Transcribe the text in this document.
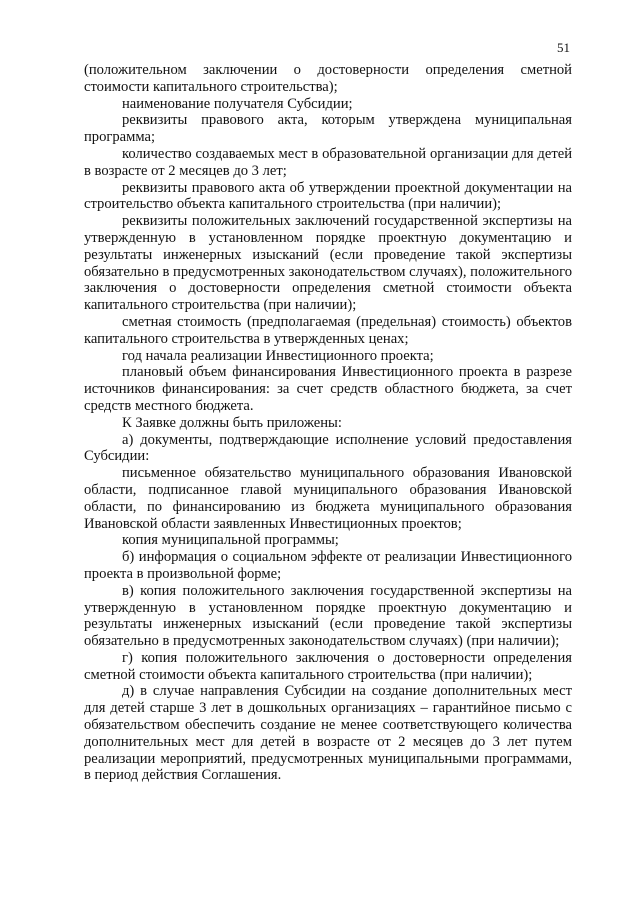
51

(положительном заключении о достоверности определения сметной стоимости капитального строительства);

наименование получателя Субсидии;

реквизиты правового акта, которым утверждена муниципальная программа;

количество создаваемых мест в образовательной организации для детей в возрасте от 2 месяцев до 3 лет;

реквизиты правового акта об утверждении проектной документации на строительство объекта капитального строительства (при наличии);

реквизиты положительных заключений государственной экспертизы на утвержденную в установленном порядке проектную документацию и результаты инженерных изысканий (если проведение такой экспертизы обязательно в предусмотренных законодательством случаях), положительного заключения о достоверности определения сметной стоимости объекта капитального строительства (при наличии);

сметная стоимость (предполагаемая (предельная) стоимость) объектов капитального строительства в утвержденных ценах;

год начала реализации Инвестиционного проекта;

плановый объем финансирования Инвестиционного проекта в разрезе источников финансирования: за счет средств областного бюджета, за счет средств местного бюджета.

К Заявке должны быть приложены:

а) документы, подтверждающие исполнение условий предоставления Субсидии:

письменное обязательство муниципального образования Ивановской области, подписанное главой муниципального образования Ивановской области, по финансированию из бюджета муниципального образования Ивановской области заявленных Инвестиционных проектов;

копия муниципальной программы;

б) информация о социальном эффекте от реализации Инвестиционного проекта в произвольной форме;

в) копия положительного заключения государственной экспертизы на утвержденную в установленном порядке проектную документацию и результаты инженерных изысканий (если проведение такой экспертизы обязательно в предусмотренных законодательством случаях) (при наличии);

г) копия положительного заключения о достоверности определения сметной стоимости объекта капитального строительства (при наличии);

д) в случае направления Субсидии на создание дополнительных мест для детей старше 3 лет в дошкольных организациях – гарантийное письмо с обязательством обеспечить создание не менее соответствующего количества дополнительных мест для детей в возрасте от 2 месяцев до 3 лет путем реализации мероприятий, предусмотренных муниципальными программами, в период действия Соглашения.
